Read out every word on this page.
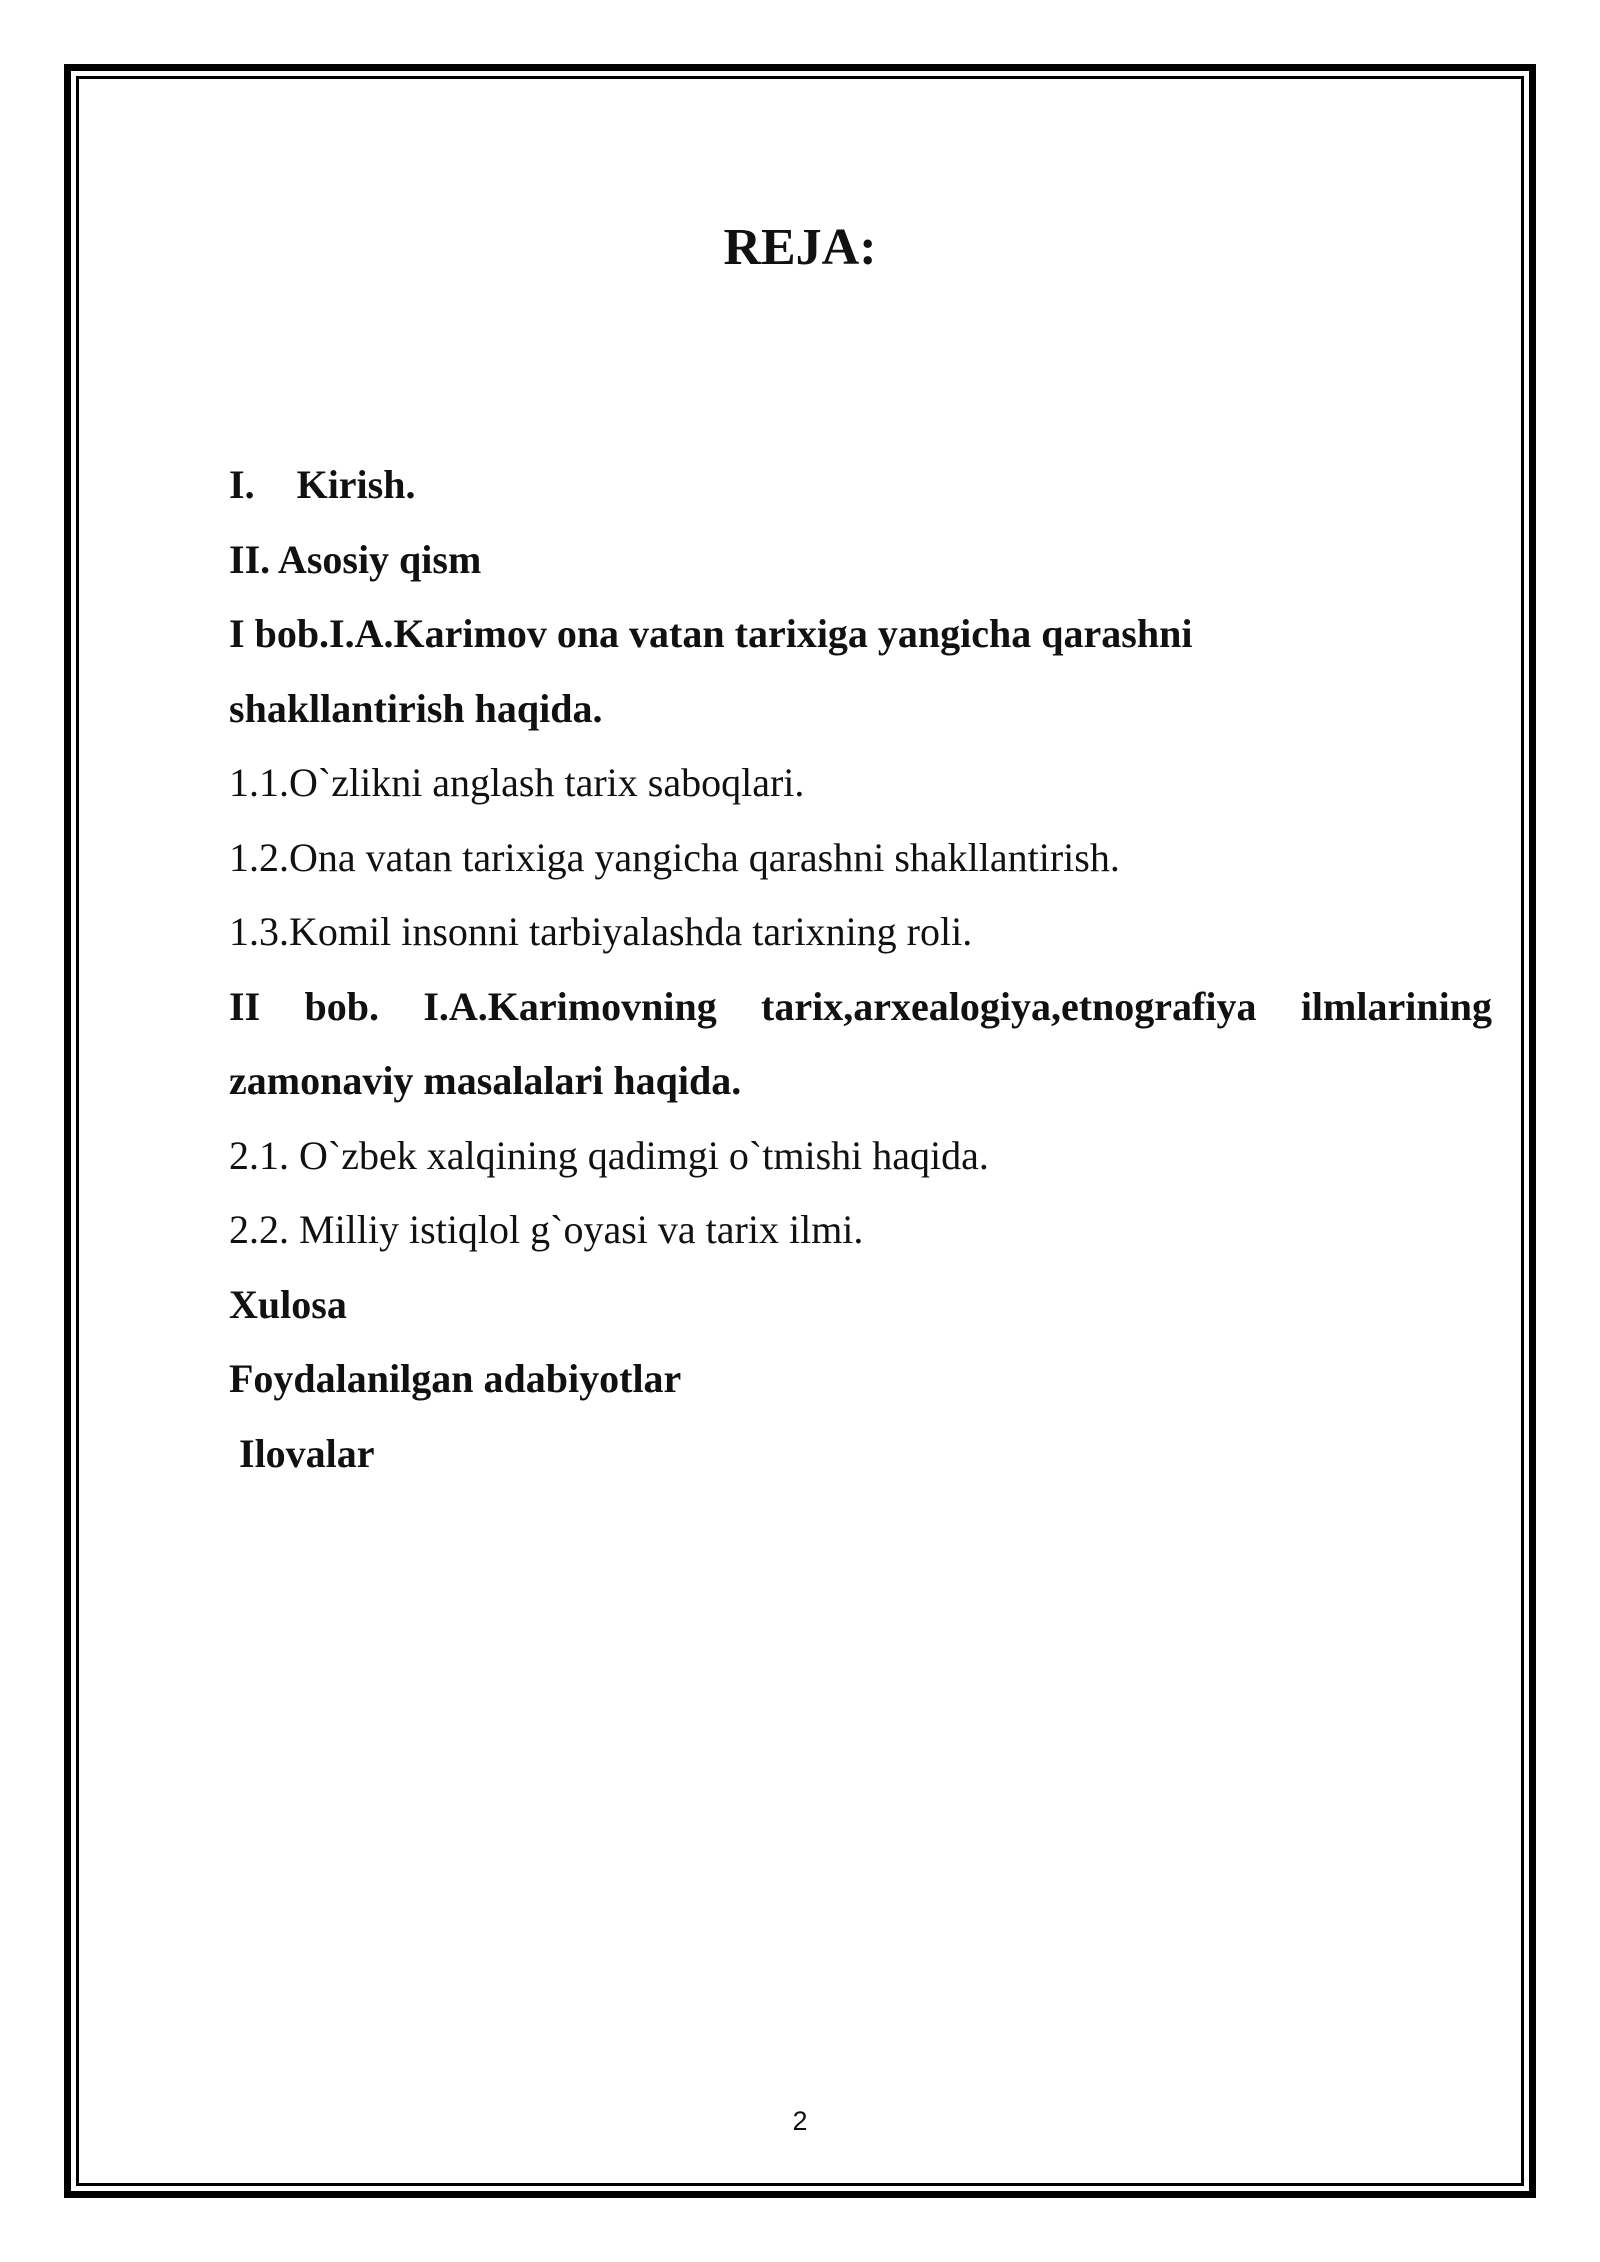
REJA:
I. Kirish.
II. Asosiy qism
I bob.I.A.Karimov ona vatan tarixiga yangicha qarashni
shakllantirish haqida.
1.1.O`zlikni anglash tarix saboqlari.
1.2.Ona vatan tarixiga yangicha qarashni shakllantirish.
1.3.Komil insonni tarbiyalashda tarixning roli.
II bob. I.A.Karimovning tarix,arxealogiya,etnografiya ilmlarining
zamonaviy masalalari haqida.
2.1. O`zbek xalqining qadimgi o`tmishi haqida.
2.2. Milliy istiqlol g`oyasi va tarix ilmi.
Xulosa
Foydalanilgan adabiyotlar
Ilovalar
2
